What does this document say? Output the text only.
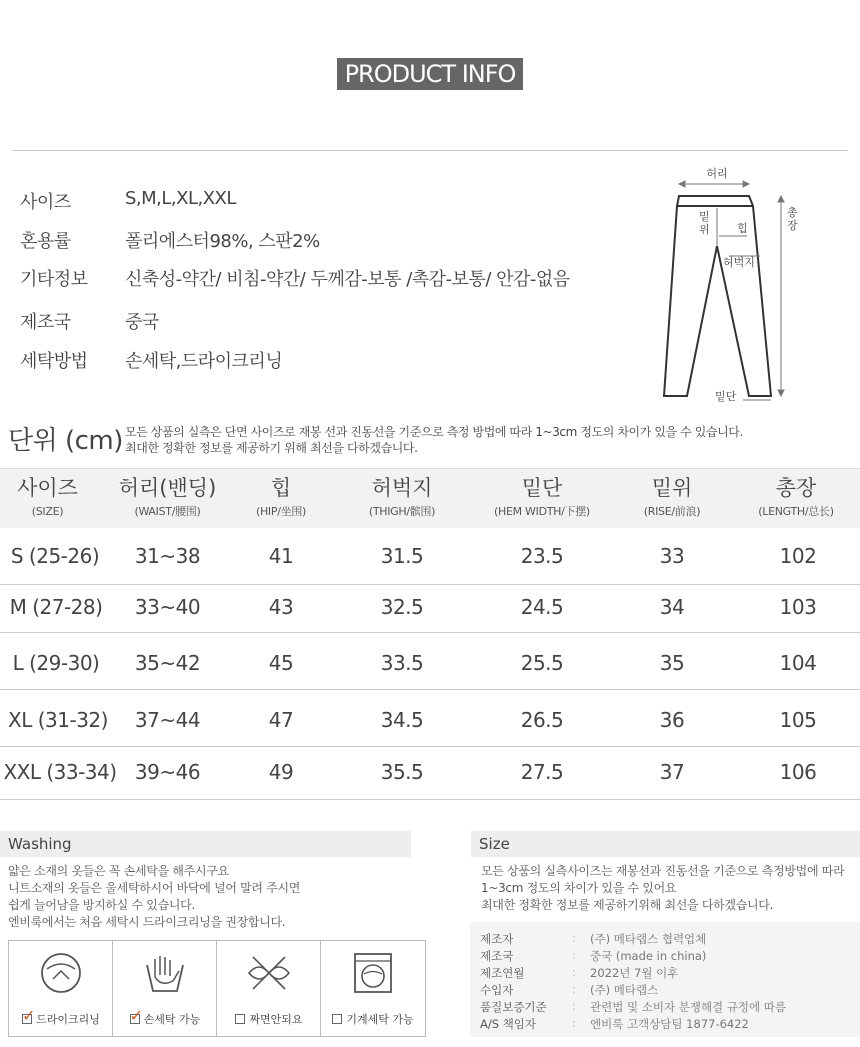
PRODUCT INFO
사이즈	S,M,L,XL,XXL
혼용률	폴리에스터98%, 스판2%
기타정보	신축성-약간/ 비침-약간/ 두께감-보통 /촉감-보통/ 안감-없음
제조국	중국
세탁방법	손세탁,드라이크리닝
허리
밑
위 힙
허벅지
총
장
밑단
단위 (cm) 모든 상품의 실측은 단면 사이즈로 재봉 선과 진동선을 기준으로 측정 방법에 따라 1~3cm 정도의 차이가 있을 수 있습니다.
최대한 정확한 정보를 제공하기 위해 최선을 다하겠습니다.
사이즈
(SIZE)
허리(밴딩)
(WAIST/腰围)
힙
(HIP/坐围)
허벅지
(THIGH/髌围)
밑단
(HEM WIDTH/下摆)
밑위
(RISE/前浪)
총장
(LENGTH/总长)
S (25-26)	31~38	41	31.5	23.5	33	102
M (27-28)	33~40	43	32.5	24.5	34	103
L (29-30)	35~42	45	33.5	25.5	35	104
XL (31-32)	37~44	47	34.5	26.5	36	105
XXL (33-34) 39~46	49	35.5	27.5	37	106
Washing
얇은 소재의 옷들은 꼭 손세탁을 해주시구요
니트소재의 옷들은 울세탁하시어 바닥에 널어 말려 주시면
쉽게 늘어남을 방지하실 수 있습니다.
엔비룩에서는 처음 세탁시 드라이크리닝을 권장합니다.
✓드라이크리닝
✓	손세탁 가능	짜면안되요	기계세탁 가능
Size
모든 상품의 실측사이즈는 재봉선과 진동선을 기준으로 측정방법에 따라
1~3cm 정도의 차이가 있을 수 있어요
최대한 정확한 정보를 제공하기위해 최선을 다하겠습니다.
제조자	: (주) 메타랩스 협력업체
제조국	: 중국 (made in china)
제조연월	: 2022년 7월 이후
수입자	: (주) 메타랩스
품질보증기준	: 관련법 및 소비자 분쟁해결 규정에 따름
A/S 책임자	: 엔비룩 고객상담팀 1877-6422
